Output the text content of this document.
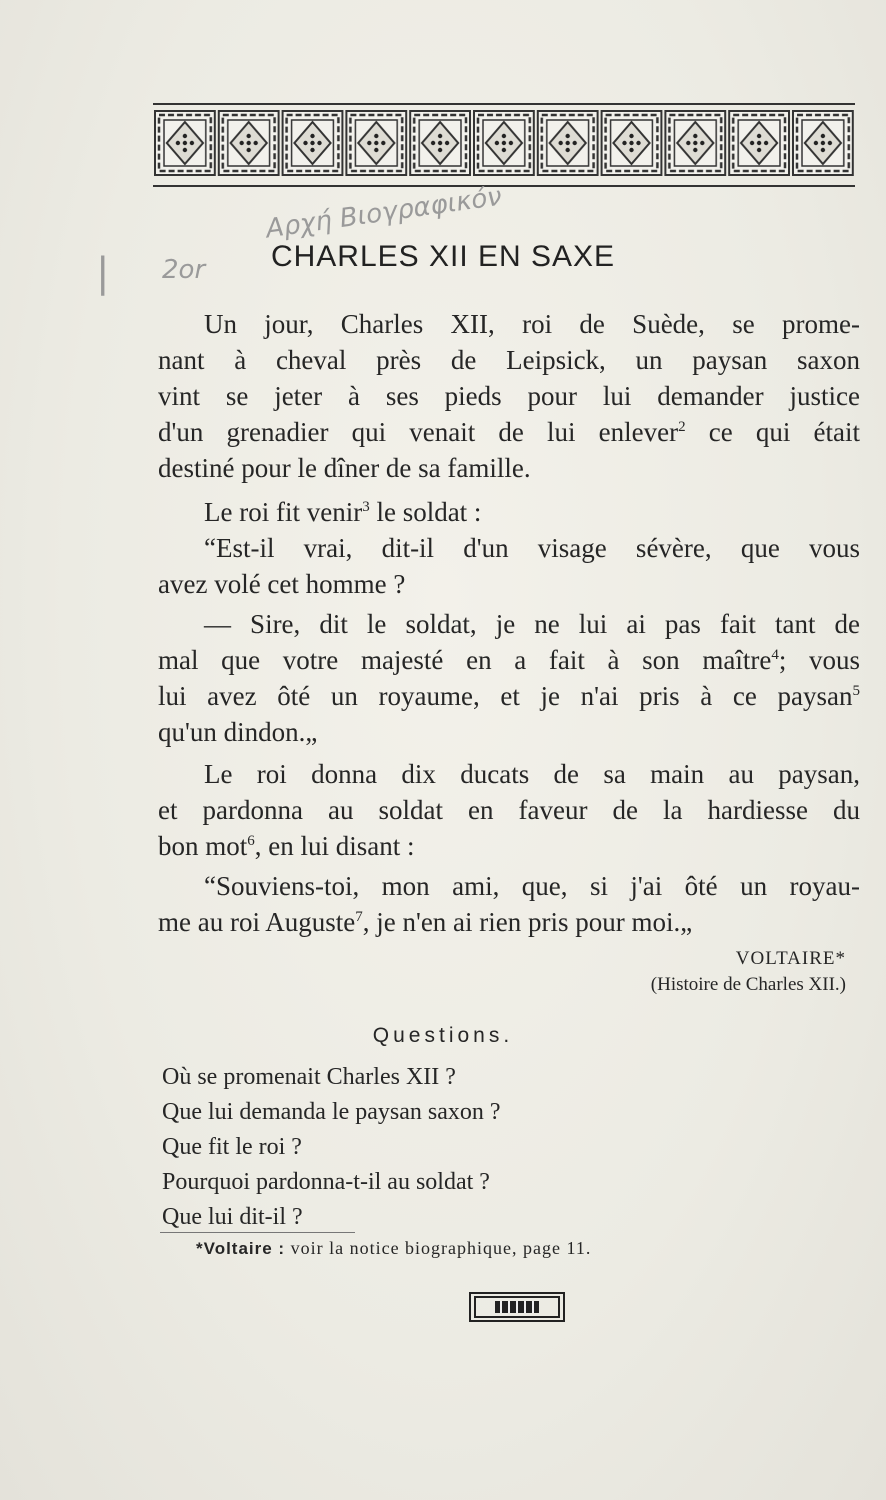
| 2or
Αρχή Βιογραφικόν
CHARLES XII EN SAXE
Un jour, Charles XII, roi de Suède, se prome-
nant à cheval près de Leipsick, un paysan saxon
vint se jeter à ses pieds pour lui demander justice
d'un grenadier qui venait de lui enlever$^2$ ce qui était
destiné pour le dîner de sa famille.
Le roi fit venir$^3$ le soldat :
“Est-il vrai, dit-il d'un visage sévère, que vous
avez volé cet homme ?
— Sire, dit le soldat, je ne lui ai pas fait tant de
mal que votre majesté en a fait à son maître$^4$; vous
lui avez ôté un royaume, et je n'ai pris à ce paysan$^5$
qu'un dindon.„
Le roi donna dix ducats de sa main au paysan,
et pardonna au soldat en faveur de la hardiesse du
bon mot$^6$, en lui disant :
“Souviens-toi, mon ami, que, si j'ai ôté un royau-
me au roi Auguste$^7$, je n'en ai rien pris pour moi.„
VOLTAIRE*
(Histoire de Charles XII.)
Questions.
Où se promenait Charles XII ?
Que lui demanda le paysan saxon ?
Que fit le roi ?
Pourquoi pardonna-t-il au soldat ?
Que lui dit-il ?
*Voltaire : voir la notice biographique, page 11.
